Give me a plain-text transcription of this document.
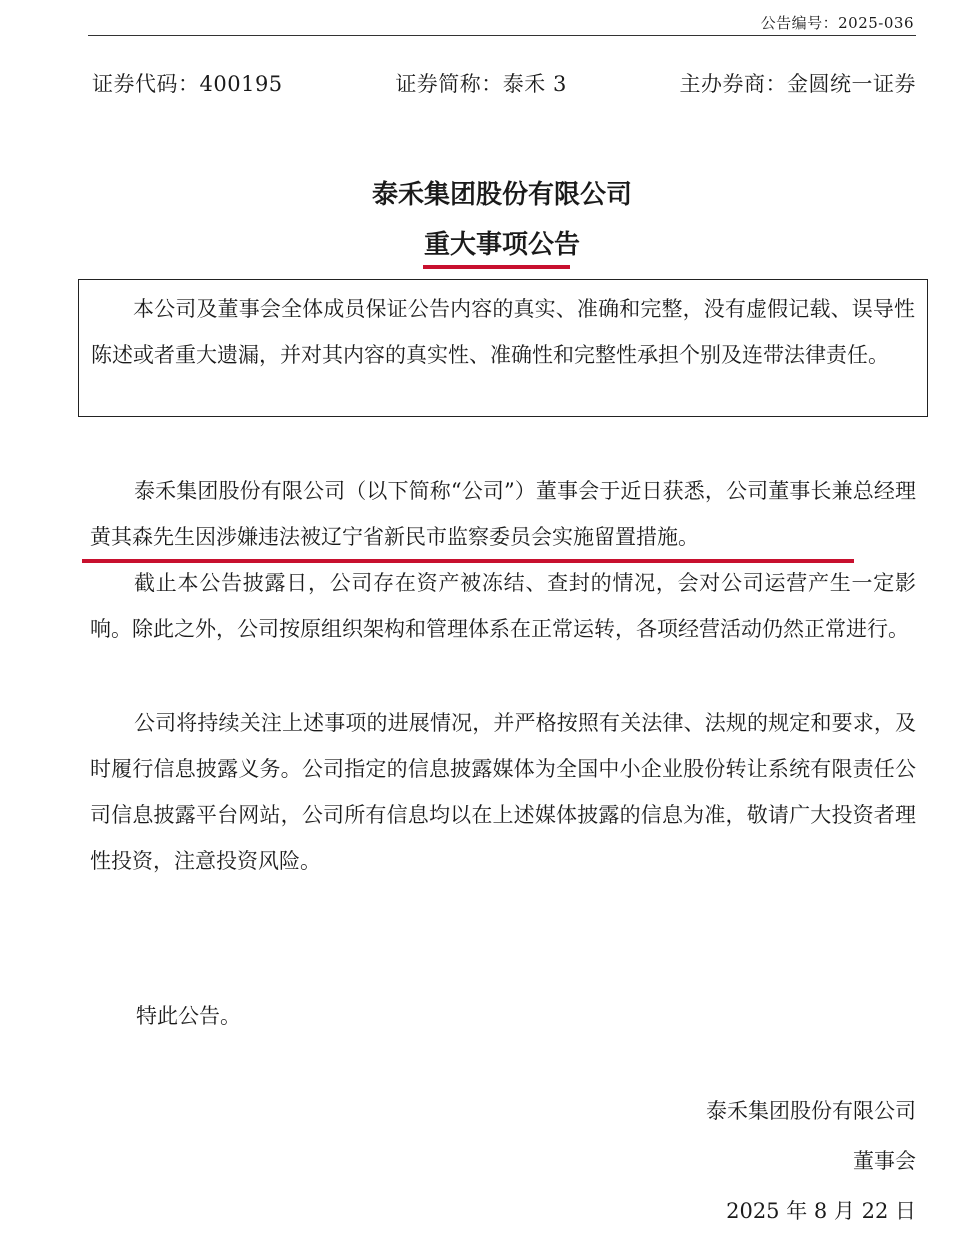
公告编号：2025-036
证券代码：400195	证券简称：泰禾 3	主办券商：金圆统一证券
泰禾集团股份有限公司
重大事项公告

本公司及董事会全体成员保证公告内容的真实、准确和完整，没有虚假记载、误导性陈述或者重大遗漏，并对其内容的真实性、准确性和完整性承担个别及连带法律责任。

泰禾集团股份有限公司（以下简称“公司”）董事会于近日获悉，公司董事长兼总经理黄其森先生因涉嫌违法被辽宁省新民市监察委员会实施留置措施。

截止本公告披露日，公司存在资产被冻结、查封的情况，会对公司运营产生一定影响。除此之外，公司按原组织架构和管理体系在正常运转，各项经营活动仍然正常进行。

公司将持续关注上述事项的进展情况，并严格按照有关法律、法规的规定和要求，及时履行信息披露义务。公司指定的信息披露媒体为全国中小企业股份转让系统有限责任公司信息披露平台网站，公司所有信息均以在上述媒体披露的信息为准，敬请广大投资者理性投资，注意投资风险。

特此公告。
泰禾集团股份有限公司
董事会
2025 年 8 月 22 日
